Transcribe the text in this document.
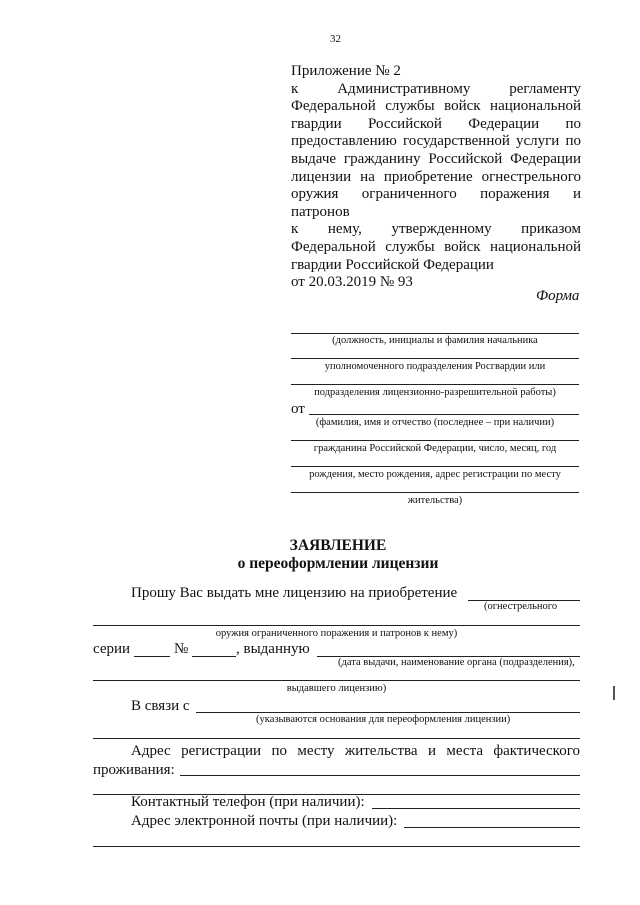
32
Приложение № 2
к Административному регламенту
Федеральной службы войск национальной
гвардии Российской Федерации по
предоставлению государственной услуги по
выдаче гражданину Российской Федерации
лицензии на приобретение огнестрельного
оружия ограниченного поражения и патронов
к нему, утвержденному приказом
Федеральной службы войск национальной
гвардии Российской Федерации
от 20.03.2019 № 93
Форма
(должность, инициалы и фамилия начальника
уполномоченного подразделения Росгвардии или
подразделения лицензионно-разрешительной работы)
от
(фамилия, имя и отчество (последнее – при наличии)
гражданина Российской Федерации, число, месяц, год
рождения, место рождения, адрес регистрации по месту
жительства)
ЗАЯВЛЕНИЕ
о переоформлении лицензии
Прошу Вас выдать мне лицензию на приобретение
(огнестрельного
оружия ограниченного поражения и патронов к нему)
серии	№	, выданную
(дата выдачи, наименование органа (подразделения),
выдавшего лицензию)
В связи с
(указываются основания для переоформления лицензии)
Адрес регистрации по месту жительства и места фактического
проживания:
Контактный телефон (при наличии):
Адрес электронной почты (при наличии):
